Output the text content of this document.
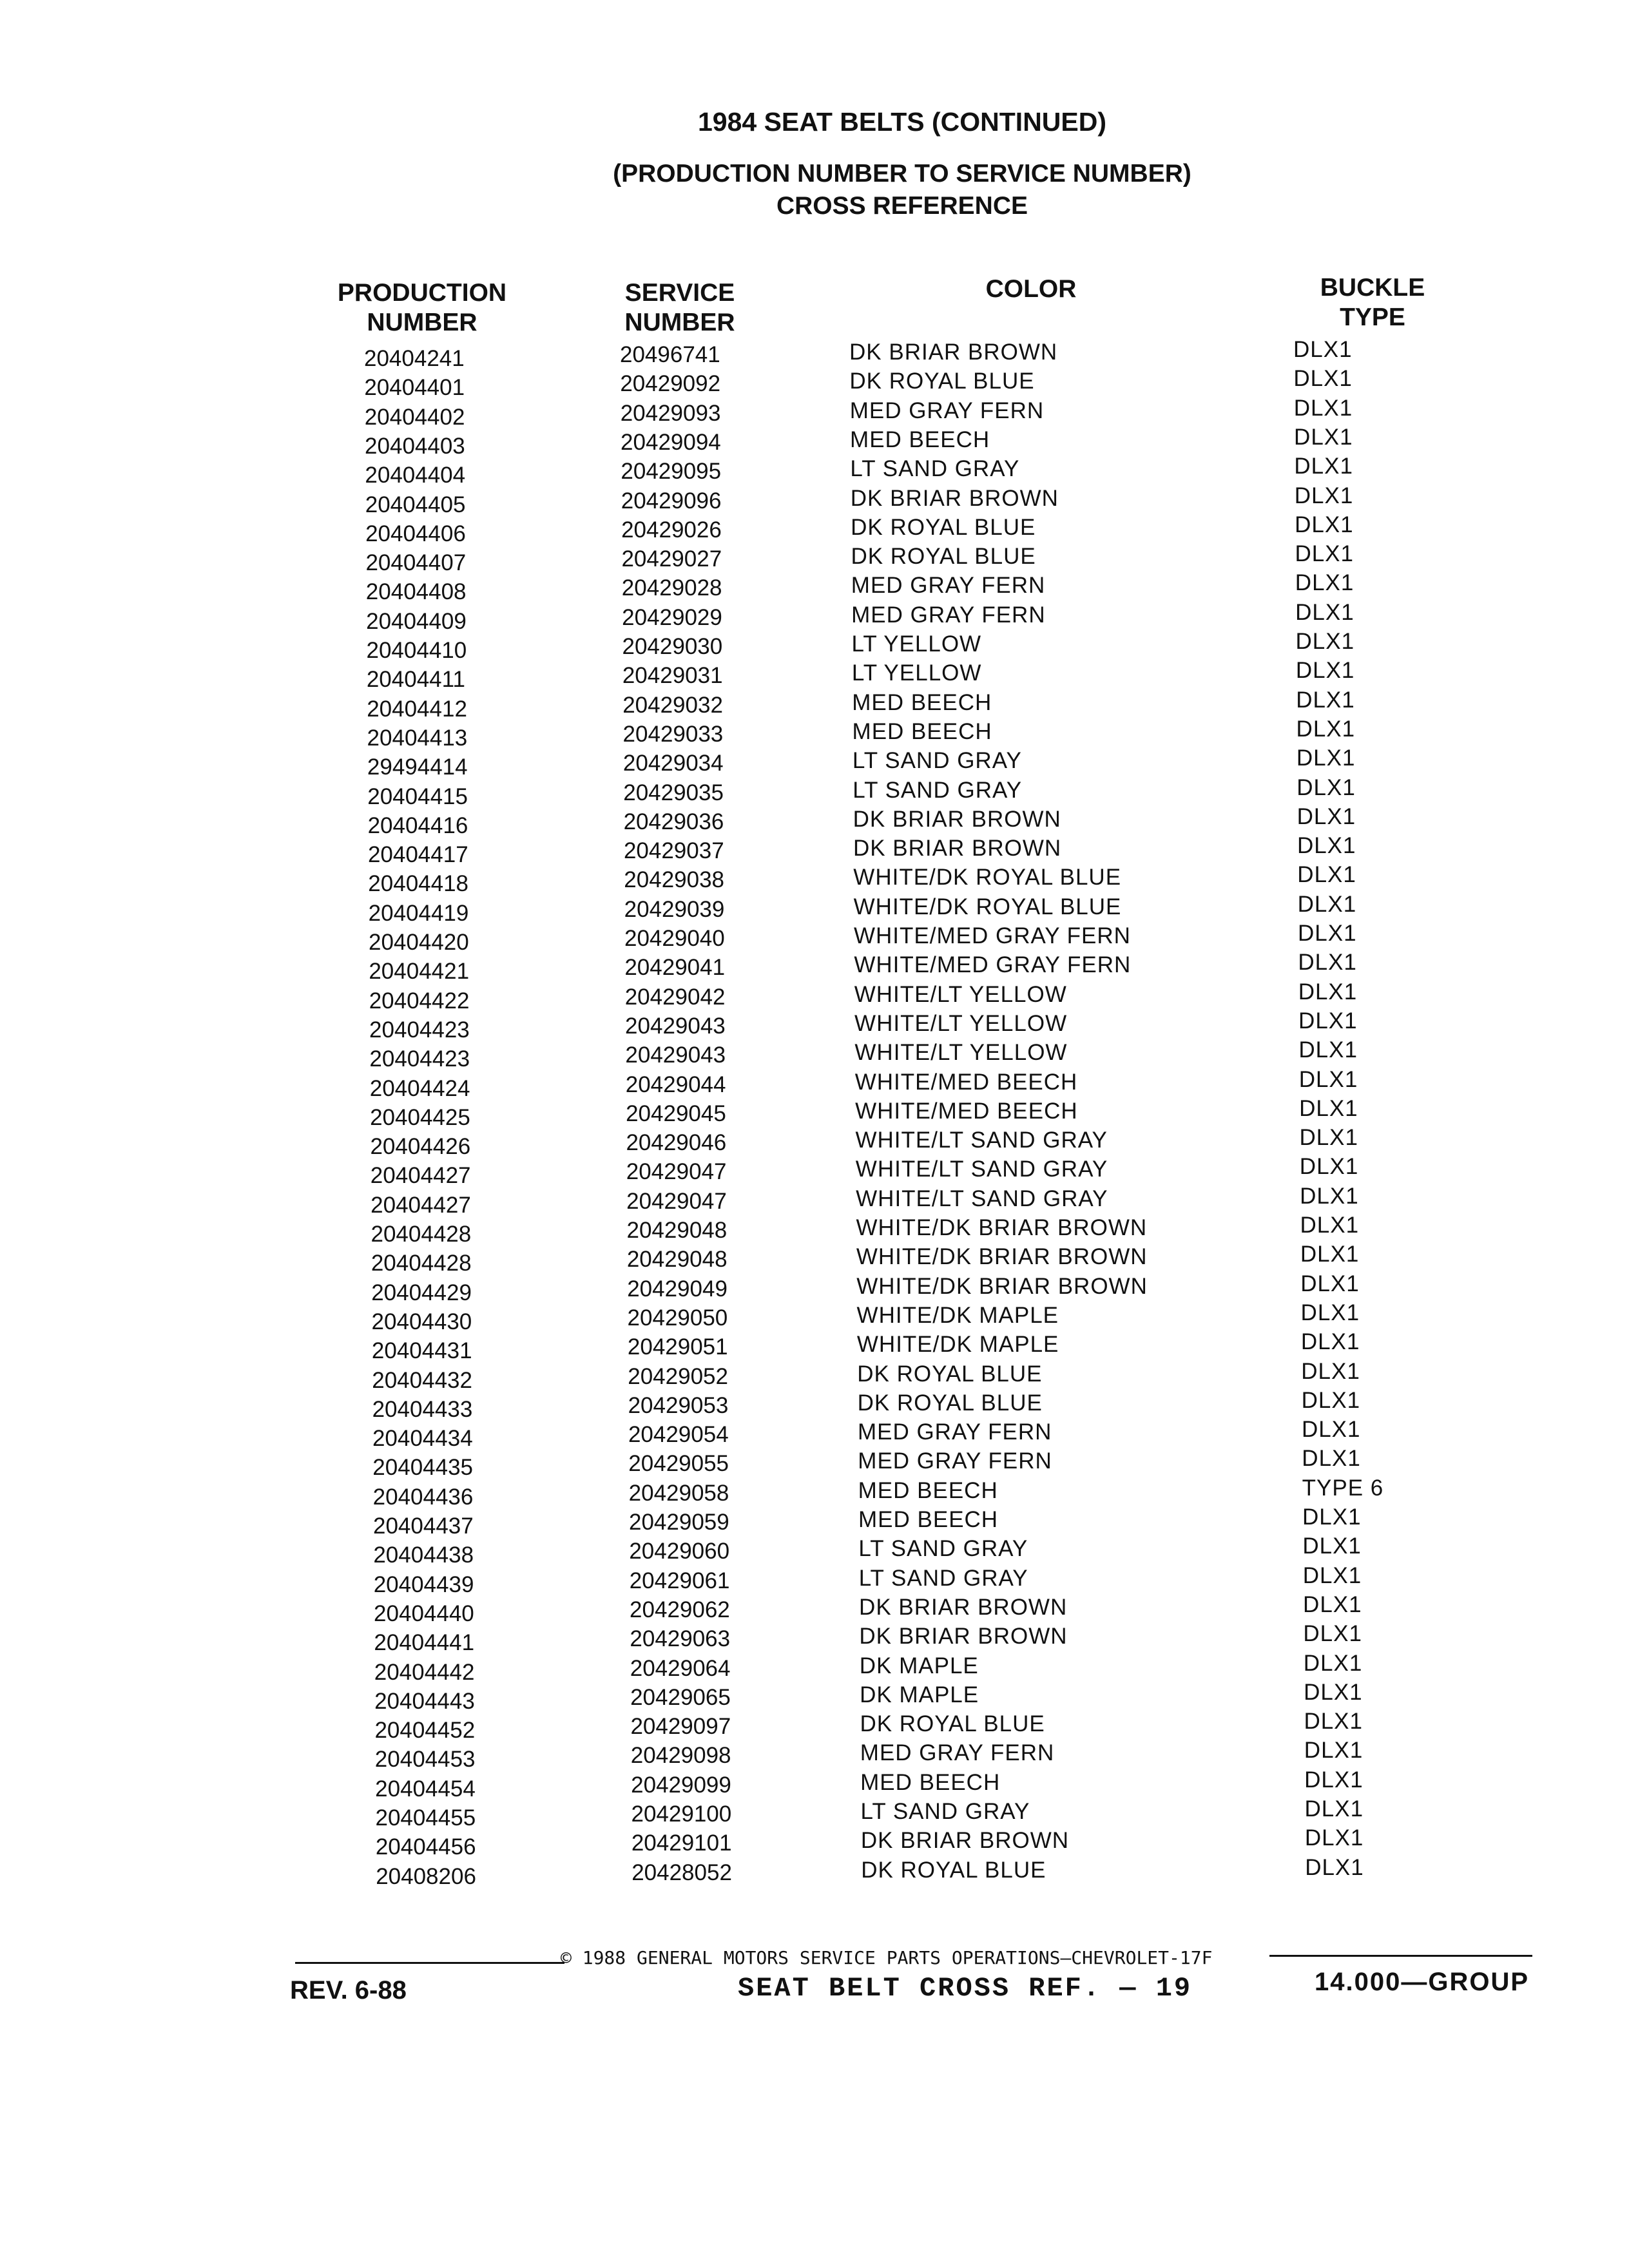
1984 SEAT BELTS (CONTINUED)
(PRODUCTION NUMBER TO SERVICE NUMBER)
CROSS REFERENCE
PRODUCTION
NUMBER
SERVICE
NUMBER
COLOR	BUCKLE
TYPE
20404241	20496741	DK BRIAR BROWN	DLX1
20404401	20429092	DK ROYAL BLUE	DLX1
20404402	20429093	MED GRAY FERN	DLX1
20404403	20429094	MED BEECH	DLX1
20404404	20429095	LT SAND GRAY	DLX1
20404405	20429096	DK BRIAR BROWN	DLX1
20404406	20429026	DK ROYAL BLUE	DLX1
20404407	20429027	DK ROYAL BLUE	DLX1
20404408	20429028	MED GRAY FERN	DLX1
20404409	20429029	MED GRAY FERN	DLX1
20404410	20429030	LT YELLOW	DLX1
20404411	20429031	LT YELLOW	DLX1
20404412	20429032	MED BEECH	DLX1
20404413	20429033	MED BEECH	DLX1
29494414	20429034	LT SAND GRAY	DLX1
20404415	20429035	LT SAND GRAY	DLX1
20404416	20429036	DK BRIAR BROWN	DLX1
20404417	20429037	DK BRIAR BROWN	DLX1
20404418	20429038	WHITE/DK ROYAL BLUE	DLX1
20404419	20429039	WHITE/DK ROYAL BLUE	DLX1
20404420	20429040	WHITE/MED GRAY FERN	DLX1
20404421	20429041	WHITE/MED GRAY FERN	DLX1
20404422	20429042	WHITE/LT YELLOW	DLX1
20404423	20429043	WHITE/LT YELLOW	DLX1
20404423	20429043	WHITE/LT YELLOW	DLX1
20404424	20429044	WHITE/MED BEECH	DLX1
20404425	20429045	WHITE/MED BEECH	DLX1
20404426	20429046	WHITE/LT SAND GRAY	DLX1
20404427	20429047	WHITE/LT SAND GRAY	DLX1
20404427	20429047	WHITE/LT SAND GRAY	DLX1
20404428	20429048	WHITE/DK BRIAR BROWN	DLX1
20404428	20429048	WHITE/DK BRIAR BROWN	DLX1
20404429	20429049	WHITE/DK BRIAR BROWN	DLX1
20404430	20429050	WHITE/DK MAPLE	DLX1
20404431	20429051	WHITE/DK MAPLE	DLX1
20404432	20429052	DK ROYAL BLUE	DLX1
20404433	20429053	DK ROYAL BLUE	DLX1
20404434	20429054	MED GRAY FERN	DLX1
20404435	20429055	MED GRAY FERN	DLX1
20404436	20429058	MED BEECH	TYPE 6
20404437	20429059	MED BEECH	DLX1
20404438	20429060	LT SAND GRAY	DLX1
20404439	20429061	LT SAND GRAY	DLX1
20404440	20429062	DK BRIAR BROWN	DLX1
20404441	20429063	DK BRIAR BROWN	DLX1
20404442	20429064	DK MAPLE	DLX1
20404443	20429065	DK MAPLE	DLX1
20404452	20429097	DK ROYAL BLUE	DLX1
20404453	20429098	MED GRAY FERN	DLX1
20404454	20429099	MED BEECH	DLX1
20404455	20429100	LT SAND GRAY	DLX1
20404456	20429101	DK BRIAR BROWN	DLX1
20408206	20428052	DK ROYAL BLUE	DLX1
© 1988 GENERAL MOTORS SERVICE PARTS OPERATIONS—CHEVROLET-17F
REV. 6-88	SEAT BELT CROSS REF. — 19	14.000—GROUP
